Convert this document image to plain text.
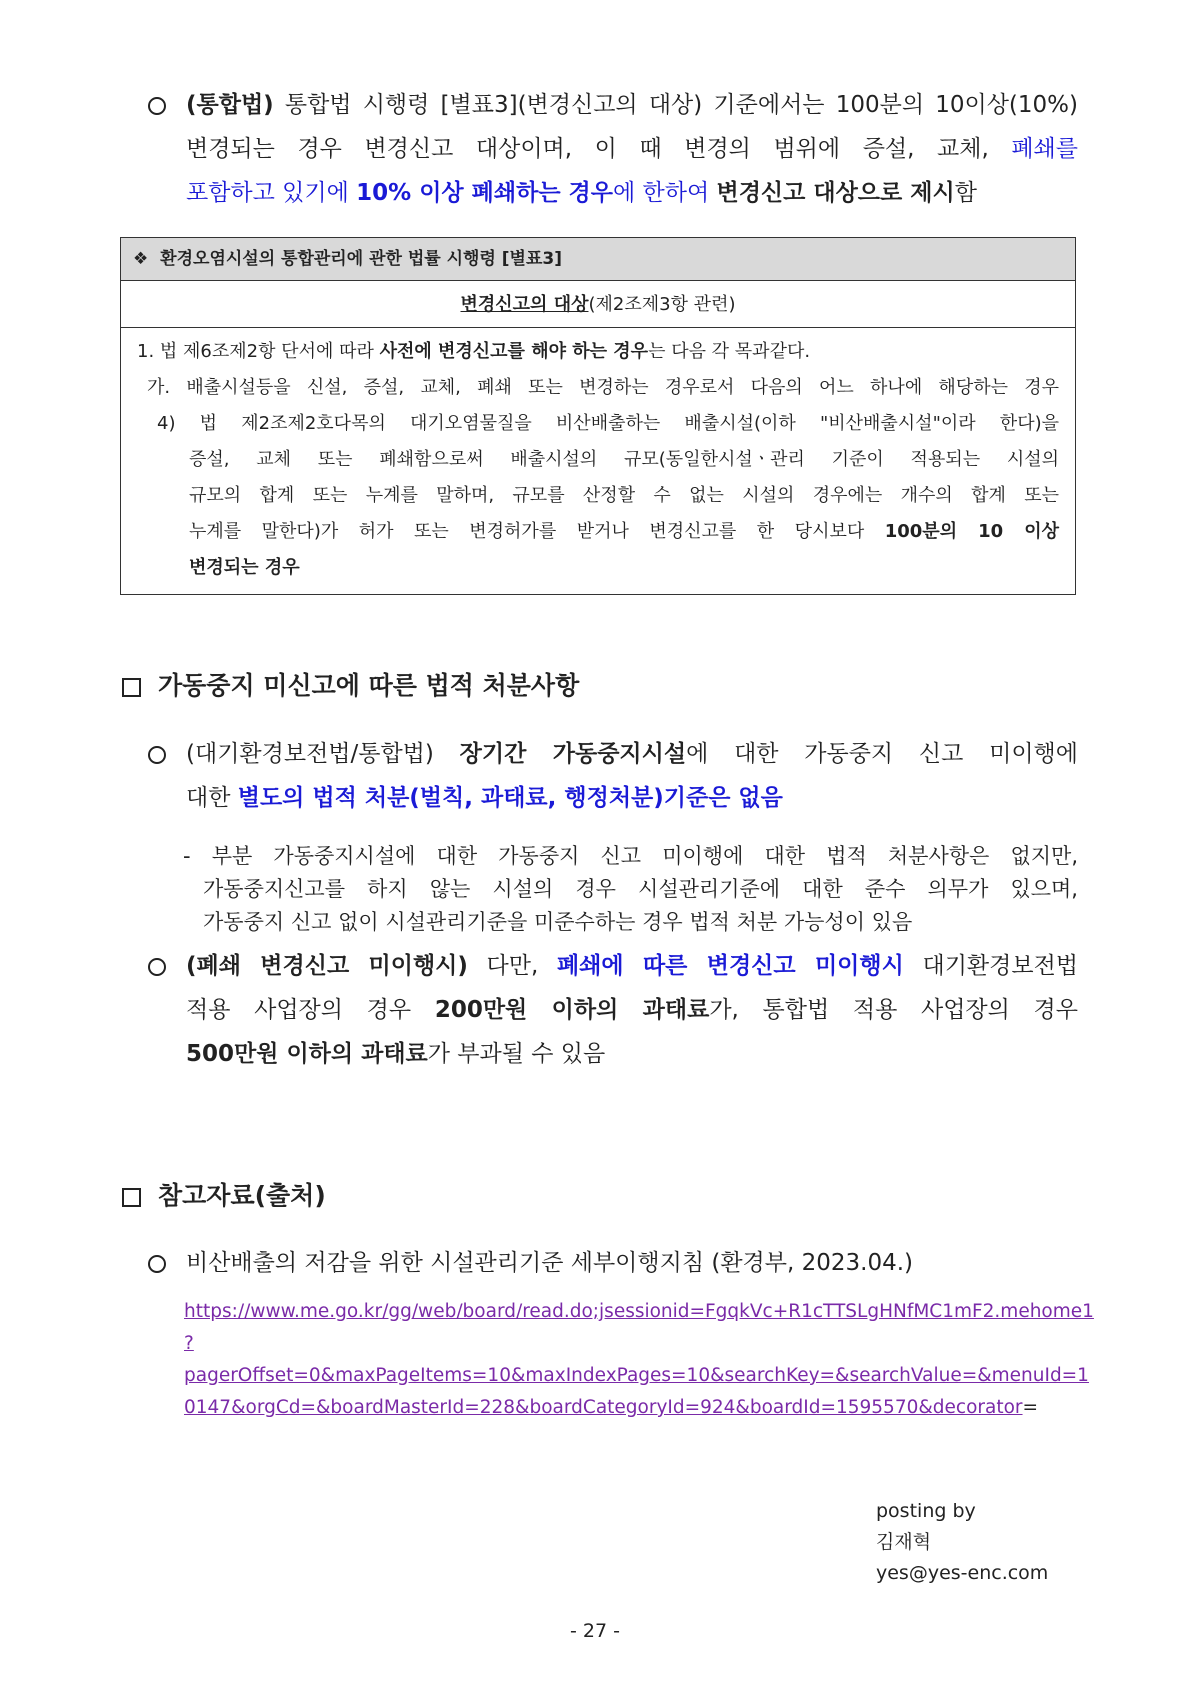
(통합법) 통합법 시행령 [별표3](변경신고의 대상) 기준에서는 100분의 10이상(10%)
변경되는 경우 변경신고 대상이며, 이 때 변경의 범위에 증설, 교체, 폐쇄를
포함하고 있기에 10% 이상 폐쇄하는 경우에 한하여 변경신고 대상으로 제시함
❖ 환경오염시설의 통합관리에 관한 법률 시행령 [별표3]
변경신고의 대상(제2조제3항 관련)
1. 법 제6조제2항 단서에 따라 사전에 변경신고를 해야 하는 경우는 다음 각 목과같다.
가. 배출시설등을 신설, 증설, 교체, 폐쇄 또는 변경하는 경우로서 다음의 어느 하나에 해당하는 경우
4) 법 제2조제2호다목의 대기오염물질을 비산배출하는 배출시설(이하 "비산배출시설"이라 한다)을
증설, 교체 또는 폐쇄함으로써 배출시설의 규모(동일한시설ㆍ관리 기준이 적용되는 시설의
규모의 합계 또는 누계를 말하며, 규모를 산정할 수 없는 시설의 경우에는 개수의 합계 또는
누계를 말한다)가 허가 또는 변경허가를 받거나 변경신고를 한 당시보다 100분의 10 이상
변경되는 경우
가동중지 미신고에 따른 법적 처분사항
(대기환경보전법/통합법) 장기간 가동중지시설에 대한 가동중지 신고 미이행에
대한 별도의 법적 처분(벌칙, 과태료, 행정처분)기준은 없음
- 부분 가동중지시설에 대한 가동중지 신고 미이행에 대한 법적 처분사항은 없지만,
가동중지신고를 하지 않는 시설의 경우 시설관리기준에 대한 준수 의무가 있으며,
가동중지 신고 없이 시설관리기준을 미준수하는 경우 법적 처분 가능성이 있음
(폐쇄 변경신고 미이행시) 다만, 폐쇄에 따른 변경신고 미이행시 대기환경보전법
적용 사업장의 경우 200만원 이하의 과태료가, 통합법 적용 사업장의 경우
500만원 이하의 과태료가 부과될 수 있음
참고자료(출처)
비산배출의 저감을 위한 시설관리기준 세부이행지침 (환경부, 2023.04.)
https://www.me.go.kr/gg/web/board/read.do;jsessionid=FgqkVc+R1cTTSLgHNfMC1mF2.mehome1
?pagerOffset=0&maxPageItems=10&maxIndexPages=10&searchKey=&searchValue=&menuId=1
0147&orgCd=&boardMasterId=228&boardCategoryId=924&boardId=1595570&decorator=
posting by
김재혁
yes@yes-enc.com
- 27 -
